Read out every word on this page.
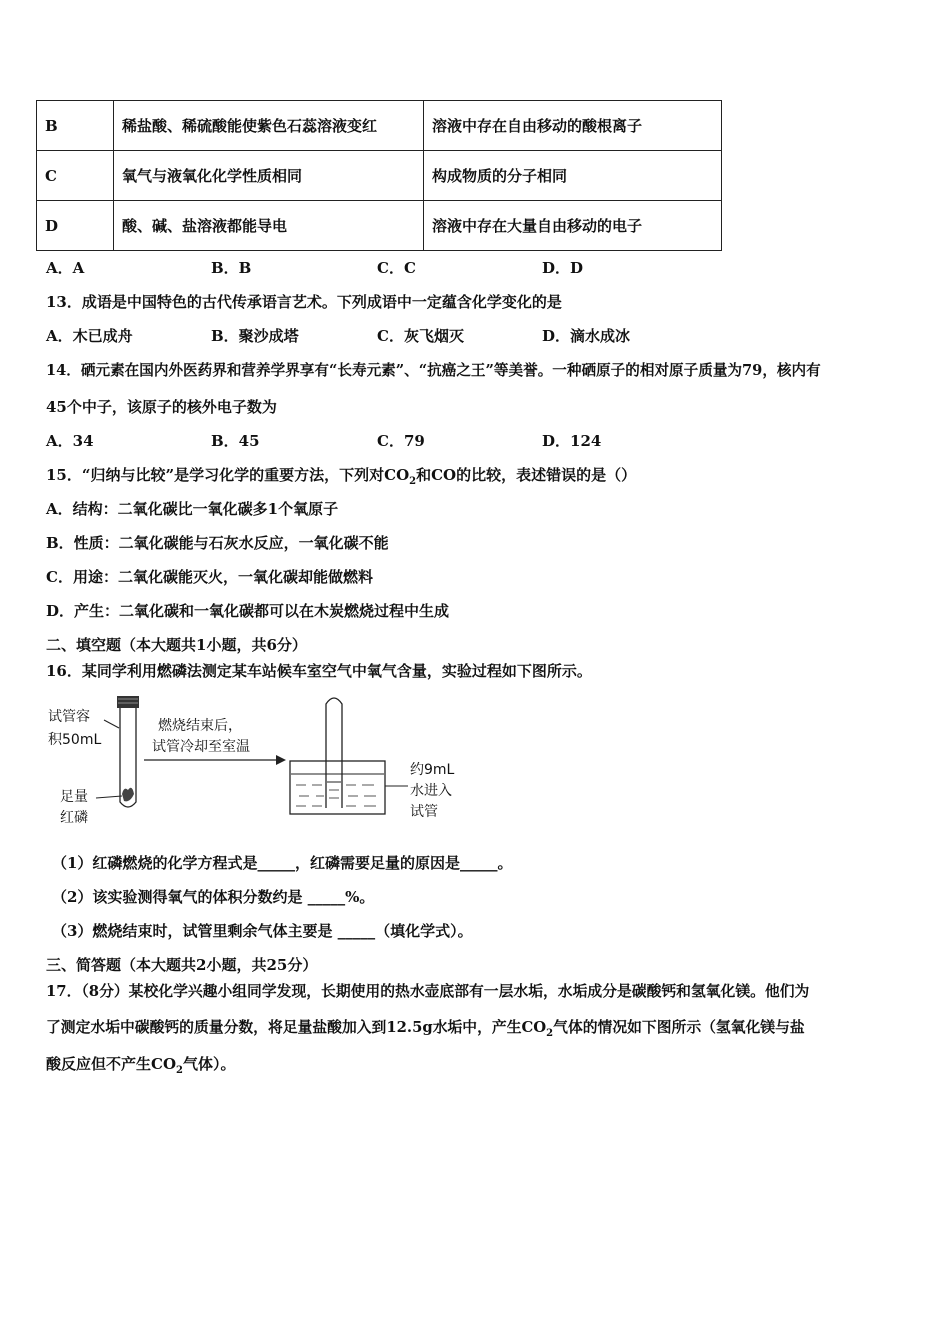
B	稀盐酸、稀硫酸能使紫色石蕊溶液变红	溶液中存在自由移动的酸根离子
C	氧气与液氧化化学性质相同	构成物质的分子相同
D	酸、碱、盐溶液都能导电	溶液中存在大量自由移动的电子
A．A	B．B	C．C	D．D
13．成语是中国特色的古代传承语言艺术。下列成语中一定蕴含化学变化的是
A．木已成舟	B．聚沙成塔	C．灰飞烟灭	D．滴水成冰
14．硒元素在国内外医药界和营养学界享有“长寿元素”、“抗癌之王”等美誉。一种硒原子的相对原子质量为79，核内有
45个中子，该原子的核外电子数为
A．34	B．45	C．79	D．124
15．“归纳与比较”是学习化学的重要方法，下列对$CO_2$和CO的比较，表述错误的是（）
A．结构：二氧化碳比一氧化碳多1个氧原子
B．性质：二氧化碳能与石灰水反应，一氧化碳不能
C．用途：二氧化碳能灭火，一氧化碳却能做燃料
D．产生：二氧化碳和一氧化碳都可以在木炭燃烧过程中生成
二、填空题（本大题共1小题，共6分）
16．某同学利用燃磷法测定某车站候车室空气中氧气含量，实验过程如下图所示。
试管容
积50mL
燃烧结束后，
试管冷却至室温
足量
红磷
约9mL
水进入
试管
（1）红磷燃烧的化学方程式是_____，红磷需要足量的原因是_____。
（2）该实验测得氧气的体积分数约是 _____%。
（3）燃烧结束时，试管里剩余气体主要是 _____（填化学式）。
三、简答题（本大题共2小题，共25分）
17．（8分）某校化学兴趣小组同学发现，长期使用的热水壶底部有一层水垢，水垢成分是碳酸钙和氢氧化镁。他们为
了测定水垢中碳酸钙的质量分数，将足量盐酸加入到12.5g水垢中，产生$CO_2$气体的情况如下图所示（氢氧化镁与盐
酸反应但不产生$CO_2$气体）。
